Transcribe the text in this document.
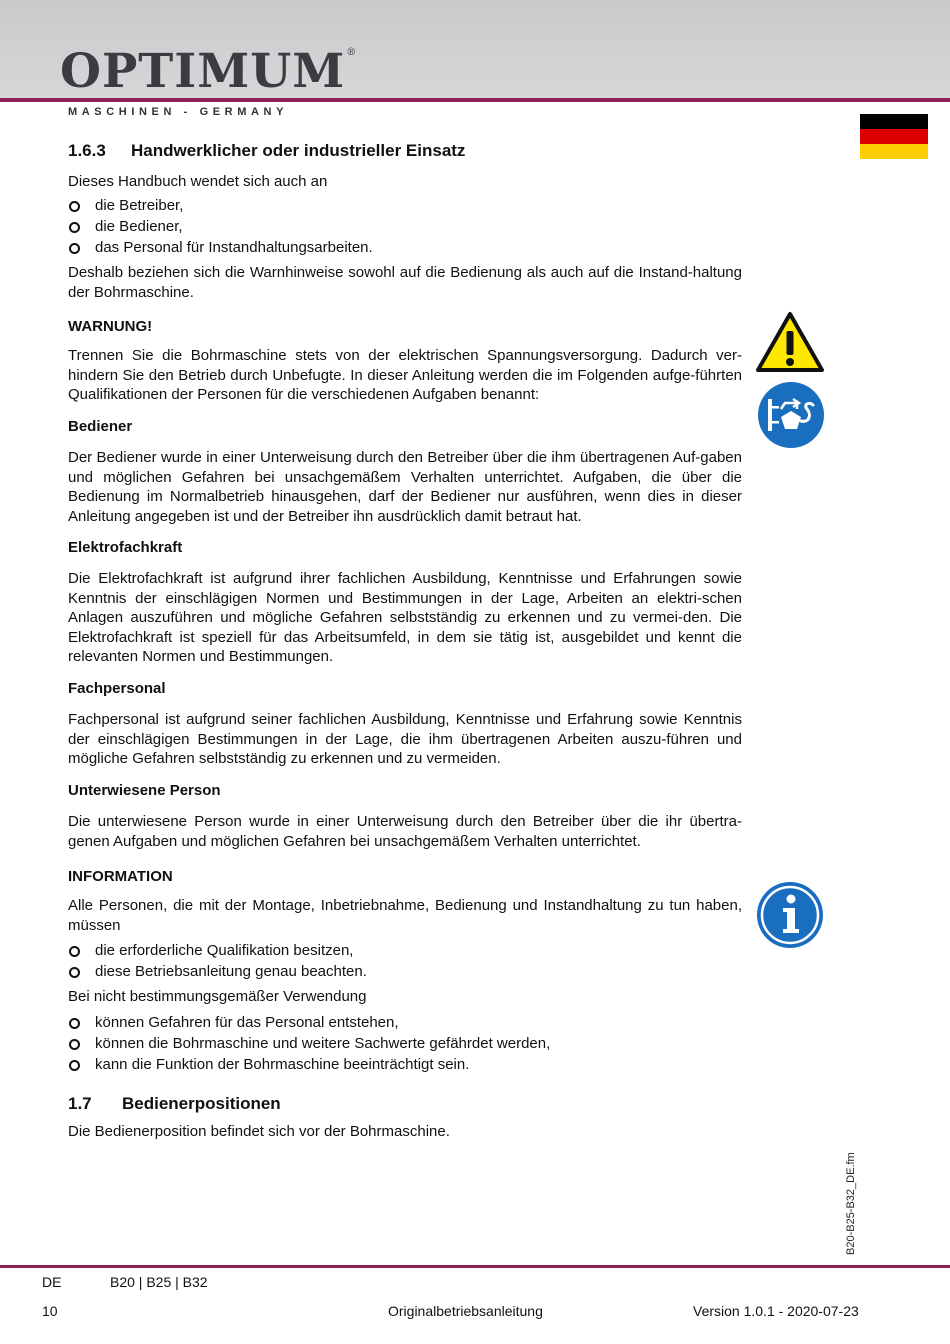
OPTIMUM®
MASCHINEN - GERMANY
1.6.3 Handwerklicher oder industrieller Einsatz

Dieses Handbuch wendet sich auch an

die Betreiber,
die Bediener,
das Personal für Instandhaltungsarbeiten.

Deshalb beziehen sich die Warnhinweise sowohl auf die Bedienung als auch auf die Instand-haltung der Bohrmaschine.

WARNUNG!

Trennen Sie die Bohrmaschine stets von der elektrischen Spannungsversorgung. Dadurch ver-hindern Sie den Betrieb durch Unbefugte. In dieser Anleitung werden die im Folgenden aufge-führten Qualifikationen der Personen für die verschiedenen Aufgaben benannt:

Bediener

Der Bediener wurde in einer Unterweisung durch den Betreiber über die ihm übertragenen Auf-gaben und möglichen Gefahren bei unsachgemäßem Verhalten unterrichtet. Aufgaben, die über die Bedienung im Normalbetrieb hinausgehen, darf der Bediener nur ausführen, wenn dies in dieser Anleitung angegeben ist und der Betreiber ihn ausdrücklich damit betraut hat.

Elektrofachkraft

Die Elektrofachkraft ist aufgrund ihrer fachlichen Ausbildung, Kenntnisse und Erfahrungen sowie Kenntnis der einschlägigen Normen und Bestimmungen in der Lage, Arbeiten an elektri-schen Anlagen auszuführen und mögliche Gefahren selbstständig zu erkennen und zu vermei-den. Die Elektrofachkraft ist speziell für das Arbeitsumfeld, in dem sie tätig ist, ausgebildet und kennt die relevanten Normen und Bestimmungen.

Fachpersonal

Fachpersonal ist aufgrund seiner fachlichen Ausbildung, Kenntnisse und Erfahrung sowie Kenntnis der einschlägigen Bestimmungen in der Lage, die ihm übertragenen Arbeiten auszu-führen und mögliche Gefahren selbstständig zu erkennen und zu vermeiden.

Unterwiesene Person

Die unterwiesene Person wurde in einer Unterweisung durch den Betreiber über die ihr übertra-genen Aufgaben und möglichen Gefahren bei unsachgemäßem Verhalten unterrichtet.

INFORMATION

Alle Personen, die mit der Montage, Inbetriebnahme, Bedienung und Instandhaltung zu tun haben, müssen

die erforderliche Qualifikation besitzen,
diese Betriebsanleitung genau beachten.

Bei nicht bestimmungsgemäßer Verwendung

können Gefahren für das Personal entstehen,
können die Bohrmaschine und weitere Sachwerte gefährdet werden,
kann die Funktion der Bohrmaschine beeinträchtigt sein.
1.7 Bedienerpositionen

Die Bedienerposition befindet sich vor der Bohrmaschine.

B20-B25-B32_DE.fm
DE	B20 | B25 | B32
10	Originalbetriebsanleitung	Version 1.0.1 - 2020-07-23
